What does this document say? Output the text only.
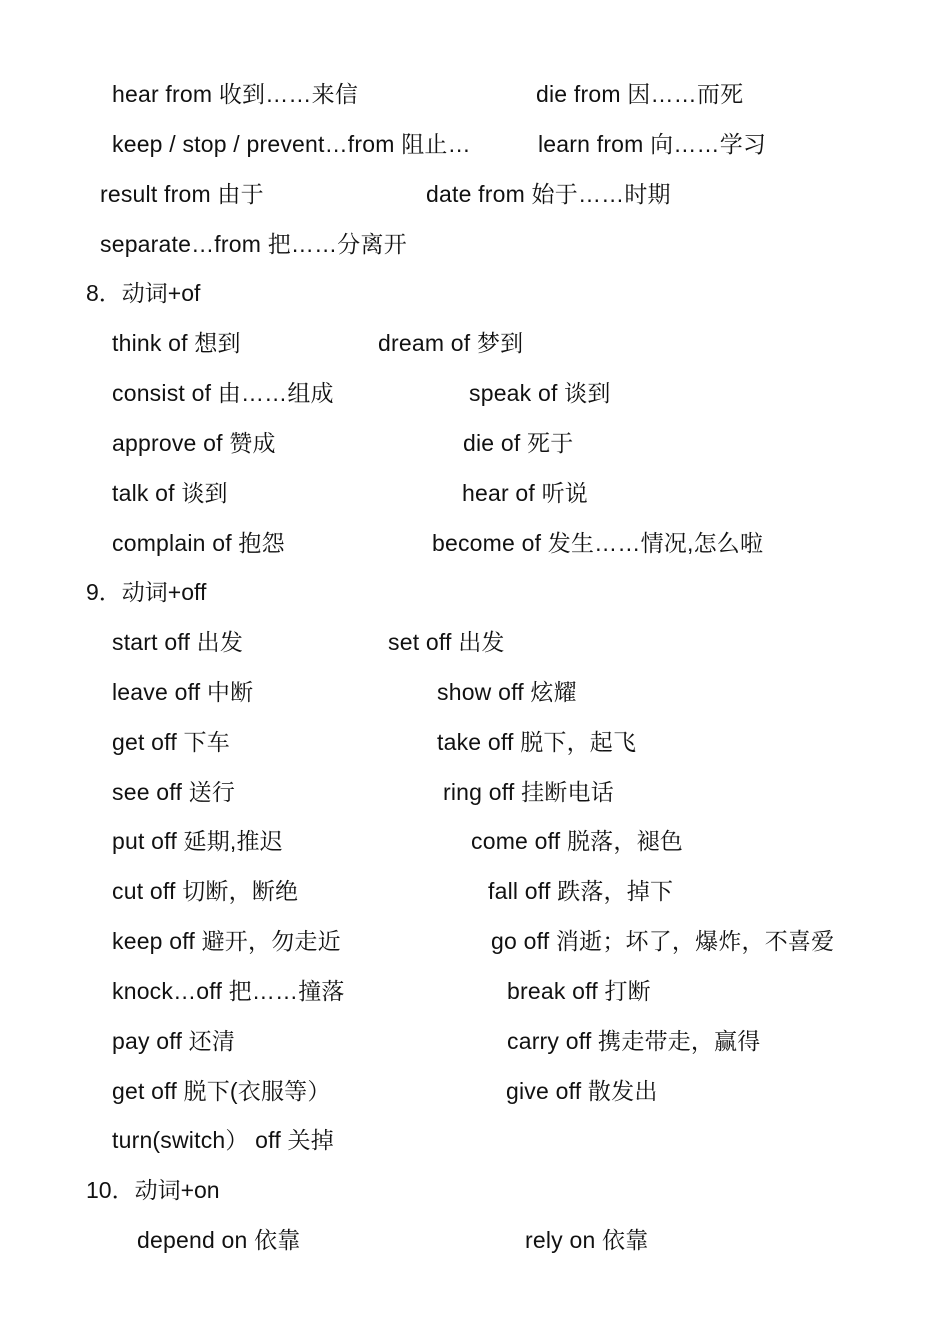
hear from 收到……来信	die from 因……而死
keep / stop / prevent…from 阻止…	learn from 向……学习
result from 由于	date from 始于……时期
separate…from 把……分离开
8．动词+of
think of 想到	dream of 梦到
consist of 由……组成	speak of 谈到
approve of 赞成	die of 死于
talk of 谈到	hear of 听说
complain of 抱怨	become of 发生……情况,怎么啦
9．动词+off
start off 出发	set off 出发
leave off 中断	show off 炫耀
get off 下车	take off 脱下，起飞
see off 送行	ring off 挂断电话
put off 延期,推迟	come off 脱落，褪色
cut off 切断，断绝	fall off 跌落，掉下
keep off 避开，勿走近	go off 消逝；坏了，爆炸，不喜爱
knock…off 把……撞落	break off 打断
pay off 还清	carry off 携走带走，赢得
get off 脱下(衣服等）	give off 散发出
turn(switch） off 关掉
10．动词+on
depend on 依靠	rely on 依靠
